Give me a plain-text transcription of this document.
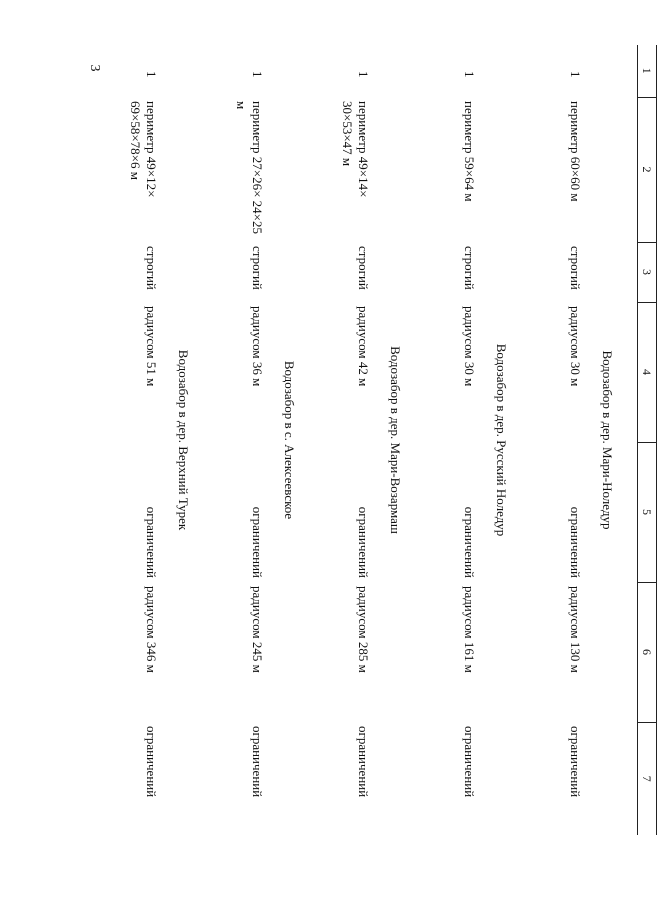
3	1	2	3	4	5	6	7
Водозабор в дер. Мари-Ноледур						
1	периметр 60×60 м	строгий	радиусом 30 м	ограничений	радиусом 130 м	ограничений
Водозабор в дер. Русский Ноледур						
1	периметр 59×64 м	строгий	радиусом 30 м	ограничений	радиусом 161 м	ограничений
Водозабор в дер. Мари-Возармаш						
1	периметр 49×14× 30×53×47 м	строгий	радиусом 42 м	ограничений	радиусом 285 м	ограничений
Водозабор в с. Алексеевское						
1	периметр 27×26× 24×25 м	строгий	радиусом 36 м	ограничений	радиусом 245 м	ограничений
Водозабор в дер. Верхний Турек						
1	периметр 49×12× 69×58×78×6 м	строгий	радиусом 51 м	ограничений	радиусом 346 м	ограничений
